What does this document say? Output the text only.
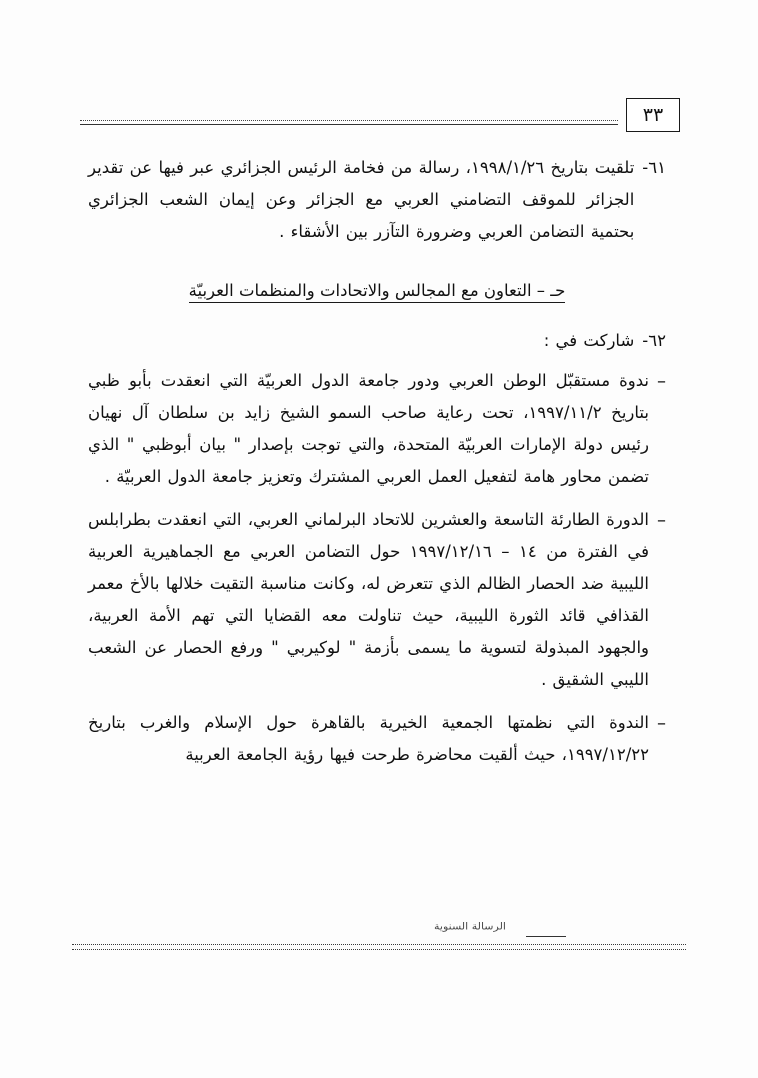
٣٣
٦١-
تلقيت بتاريخ ١٩٩٨/١/٢٦، رسالة من فخامة الرئيس الجزائري عبر فيها عن تقدير الجزائر للموقف التضامني العربي مع الجزائر وعن إيمان الشعب الجزائري بحتمية التضامن العربي وضرورة التآزر بين الأشقاء .
حـ – التعاون مع المجالس والاتحادات والمنظمات العربيّة
٦٢-
شاركت في :
–
ندوة مستقبّل الوطن العربي ودور جامعة الدول العربيّة التي انعقدت بأبو ظبي بتاريخ ١٩٩٧/١١/٢، تحت رعاية صاحب السمو الشيخ زايد بن سلطان آل نهيان رئيس دولة الإمارات العربيّة المتحدة، والتي توجت بإصدار " بيان أبوظبي " الذي تضمن محاور هامة لتفعيل العمل العربي المشترك وتعزيز جامعة الدول العربيّة .
–
الدورة الطارئة التاسعة والعشرين للاتحاد البرلماني العربي، التي انعقدت بطرابلس في الفترة من ١٤ – ١٩٩٧/١٢/١٦ حول التضامن العربي مع الجماهيرية العربية الليبية ضد الحصار الظالم الذي تتعرض له، وكانت مناسبة التقيت خلالها بالأخ معمر القذافي قائد الثورة الليبية، حيث تناولت معه القضايا التي تهم الأمة العربية، والجهود المبذولة لتسوية ما يسمى بأزمة " لوكيربي " ورفع الحصار عن الشعب الليبي الشقيق .
–
الندوة التي نظمتها الجمعية الخيرية بالقاهرة حول الإسلام والغرب بتاريخ ١٩٩٧/١٢/٢٢، حيث ألقيت محاضرة طرحت فيها رؤية الجامعة العربية
الرسالة السنوية
